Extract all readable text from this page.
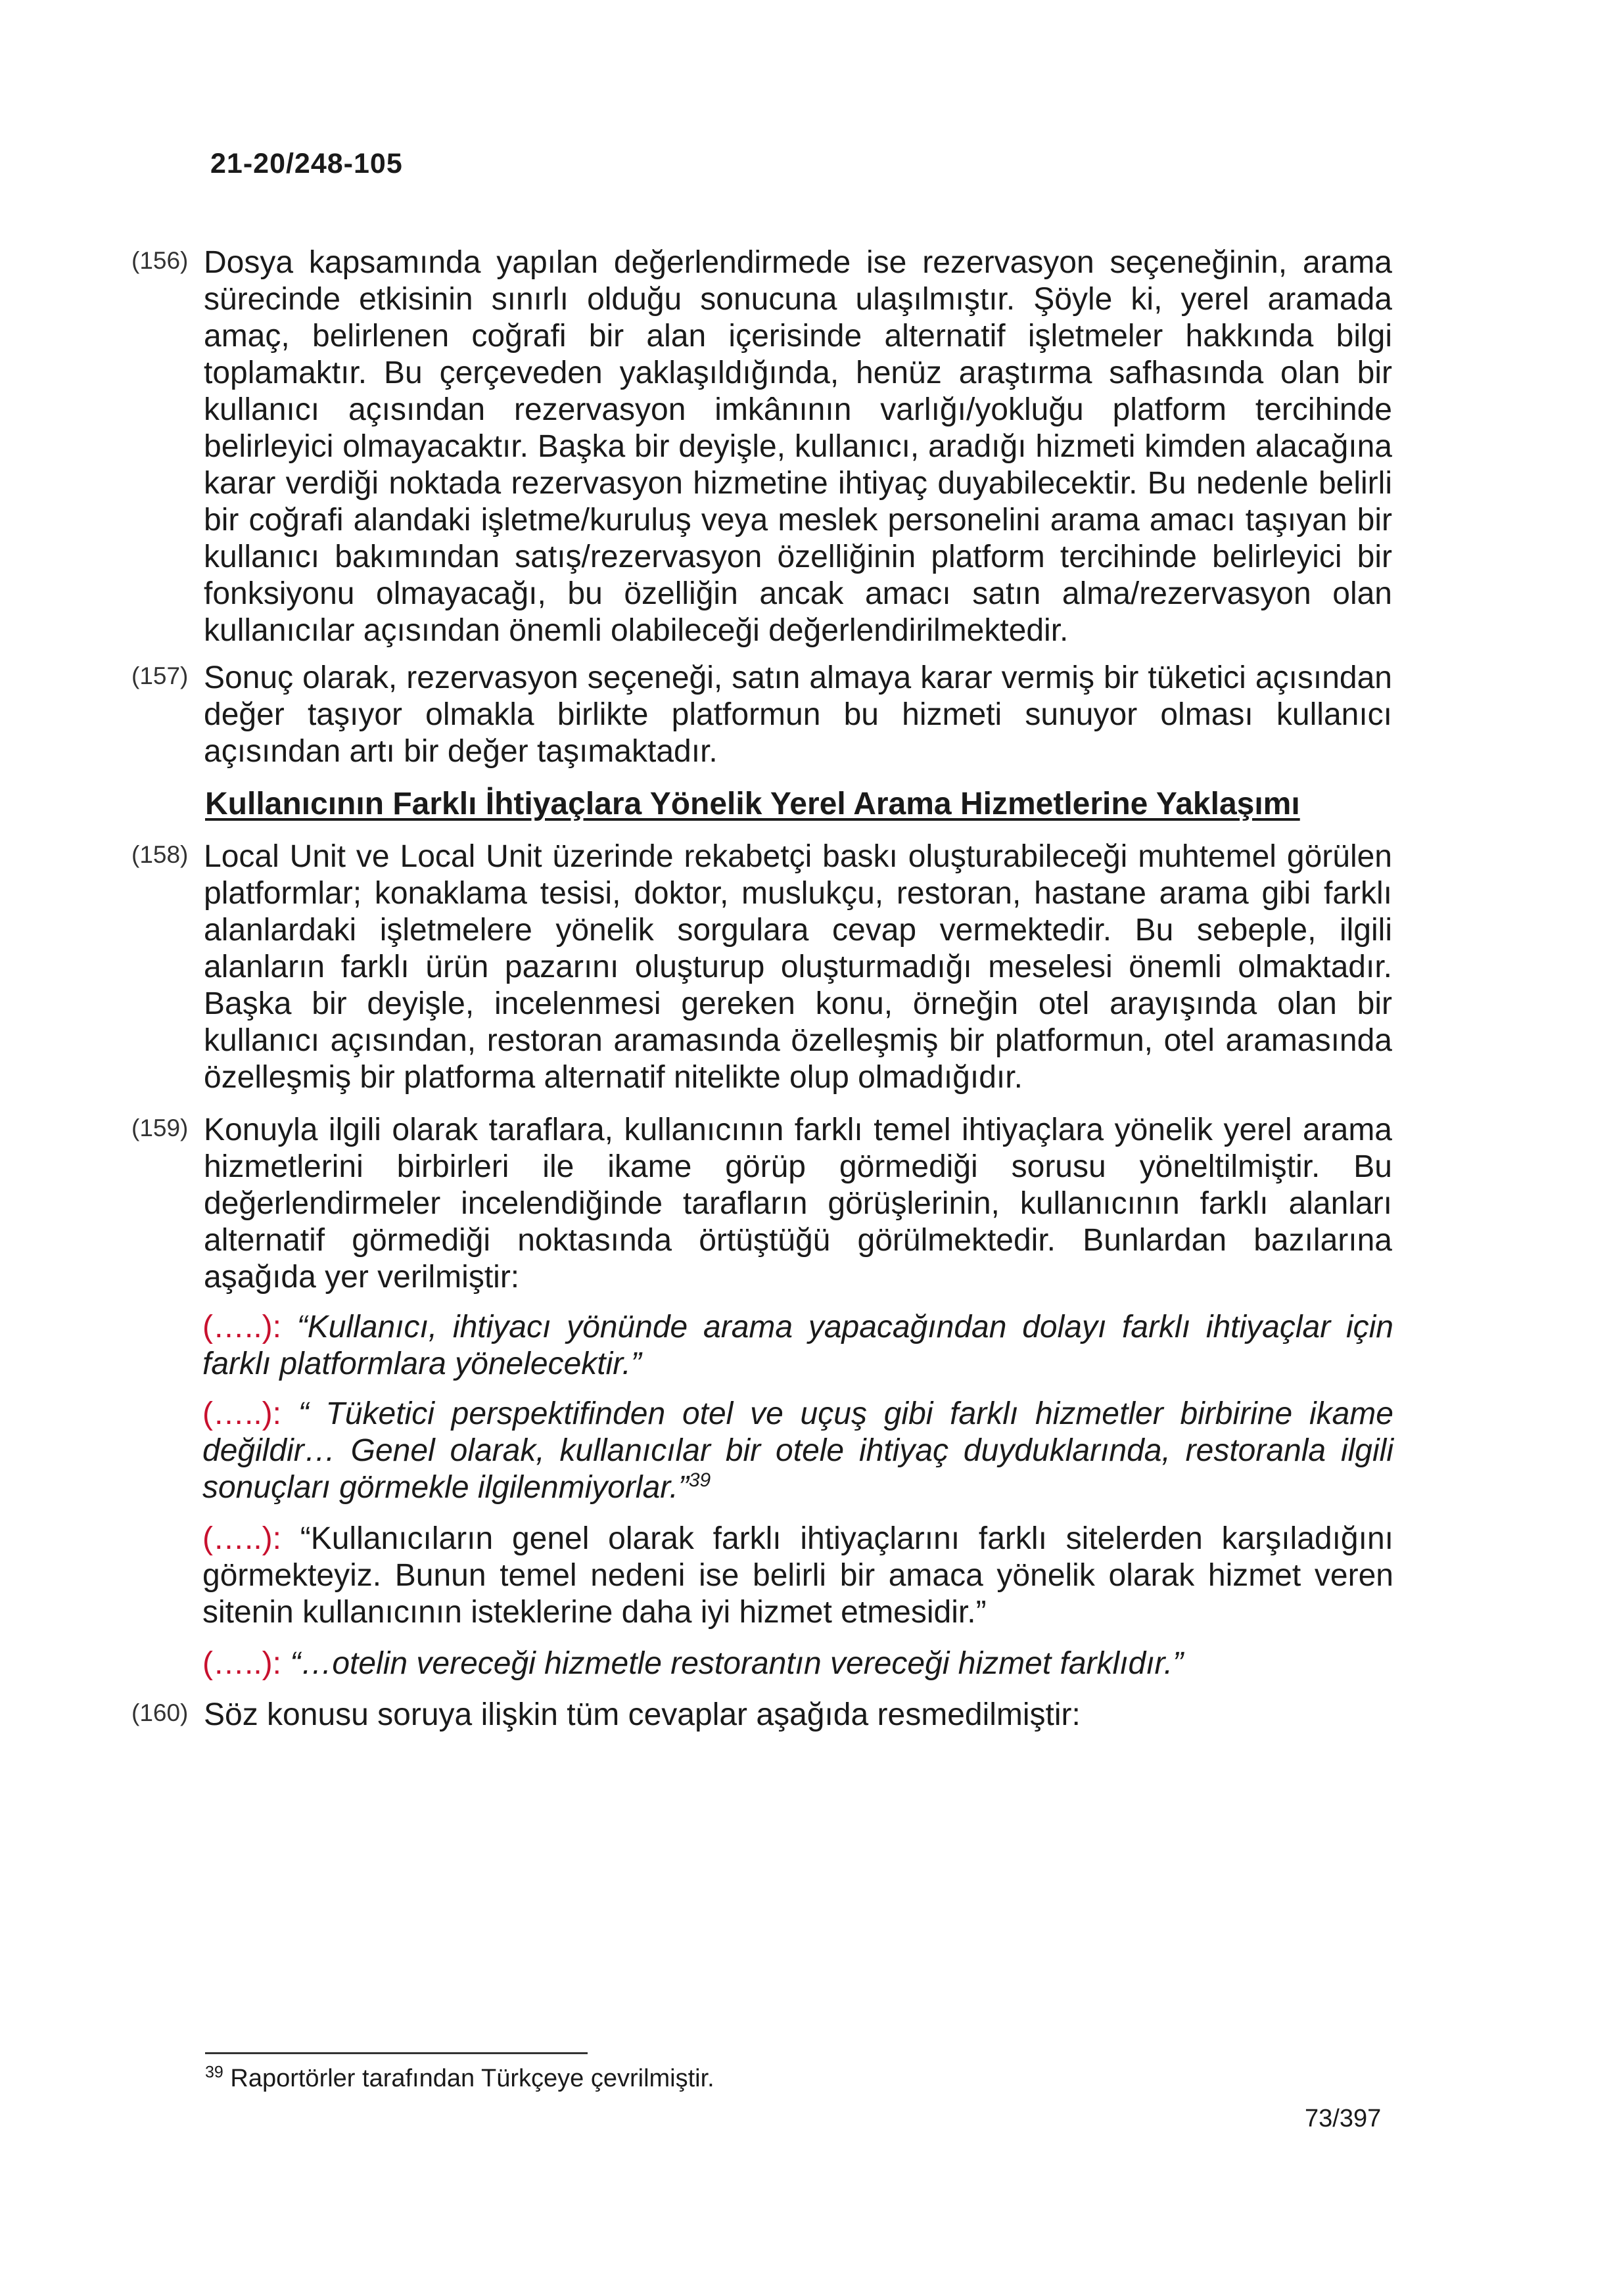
21-20/248-105
(156) Dosya kapsamında yapılan değerlendirmede ise rezervasyon seçeneğinin, arama sürecinde etkisinin sınırlı olduğu sonucuna ulaşılmıştır. Şöyle ki, yerel aramada amaç, belirlenen coğrafi bir alan içerisinde alternatif işletmeler hakkında bilgi toplamaktır. Bu çerçeveden yaklaşıldığında, henüz araştırma safhasında olan bir kullanıcı açısından rezervasyon imkânının varlığı/yokluğu platform tercihinde belirleyici olmayacaktır. Başka bir deyişle, kullanıcı, aradığı hizmeti kimden alacağına karar verdiği noktada rezervasyon hizmetine ihtiyaç duyabilecektir. Bu nedenle belirli bir coğrafi alandaki işletme/kuruluş veya meslek personelini arama amacı taşıyan bir kullanıcı bakımından satış/rezervasyon özelliğinin platform tercihinde belirleyici bir fonksiyonu olmayacağı, bu özelliğin ancak amacı satın alma/rezervasyon olan kullanıcılar açısından önemli olabileceği değerlendirilmektedir.
(157) Sonuç olarak, rezervasyon seçeneği, satın almaya karar vermiş bir tüketici açısından değer taşıyor olmakla birlikte platformun bu hizmeti sunuyor olması kullanıcı açısından artı bir değer taşımaktadır.
Kullanıcının Farklı İhtiyaçlara Yönelik Yerel Arama Hizmetlerine Yaklaşımı
(158) Local Unit ve Local Unit üzerinde rekabetçi baskı oluşturabileceği muhtemel görülen platformlar; konaklama tesisi, doktor, muslukçu, restoran, hastane arama gibi farklı alanlardaki işletmelere yönelik sorgulara cevap vermektedir. Bu sebeple, ilgili alanların farklı ürün pazarını oluşturup oluşturmadığı meselesi önemli olmaktadır. Başka bir deyişle, incelenmesi gereken konu, örneğin otel arayışında olan bir kullanıcı açısından, restoran aramasında özelleşmiş bir platformun, otel aramasında özelleşmiş bir platforma alternatif nitelikte olup olmadığıdır.
(159) Konuyla ilgili olarak taraflara, kullanıcının farklı temel ihtiyaçlara yönelik yerel arama hizmetlerini birbirleri ile ikame görüp görmediği sorusu yöneltilmiştir. Bu değerlendirmeler incelendiğinde tarafların görüşlerinin, kullanıcının farklı alanları alternatif görmediği noktasında örtüştüğü görülmektedir. Bunlardan bazılarına aşağıda yer verilmiştir:
(…..): “Kullanıcı, ihtiyacı yönünde arama yapacağından dolayı farklı ihtiyaçlar için farklı platformlara yönelecektir.”
(…..): “ Tüketici perspektifinden otel ve uçuş gibi farklı hizmetler birbirine ikame değildir… Genel olarak, kullanıcılar bir otele ihtiyaç duyduklarında, restoranla ilgili sonuçları görmekle ilgilenmiyorlar.”$^{39}$
(…..): “Kullanıcıların genel olarak farklı ihtiyaçlarını farklı sitelerden karşıladığını görmekteyiz. Bunun temel nedeni ise belirli bir amaca yönelik olarak hizmet veren sitenin kullanıcının isteklerine daha iyi hizmet etmesidir.”
(…..): “…otelin vereceği hizmetle restorantın vereceği hizmet farklıdır.”
(160) Söz konusu soruya ilişkin tüm cevaplar aşağıda resmedilmiştir:
$^{39}$ Raportörler tarafından Türkçeye çevrilmiştir.
73/397
